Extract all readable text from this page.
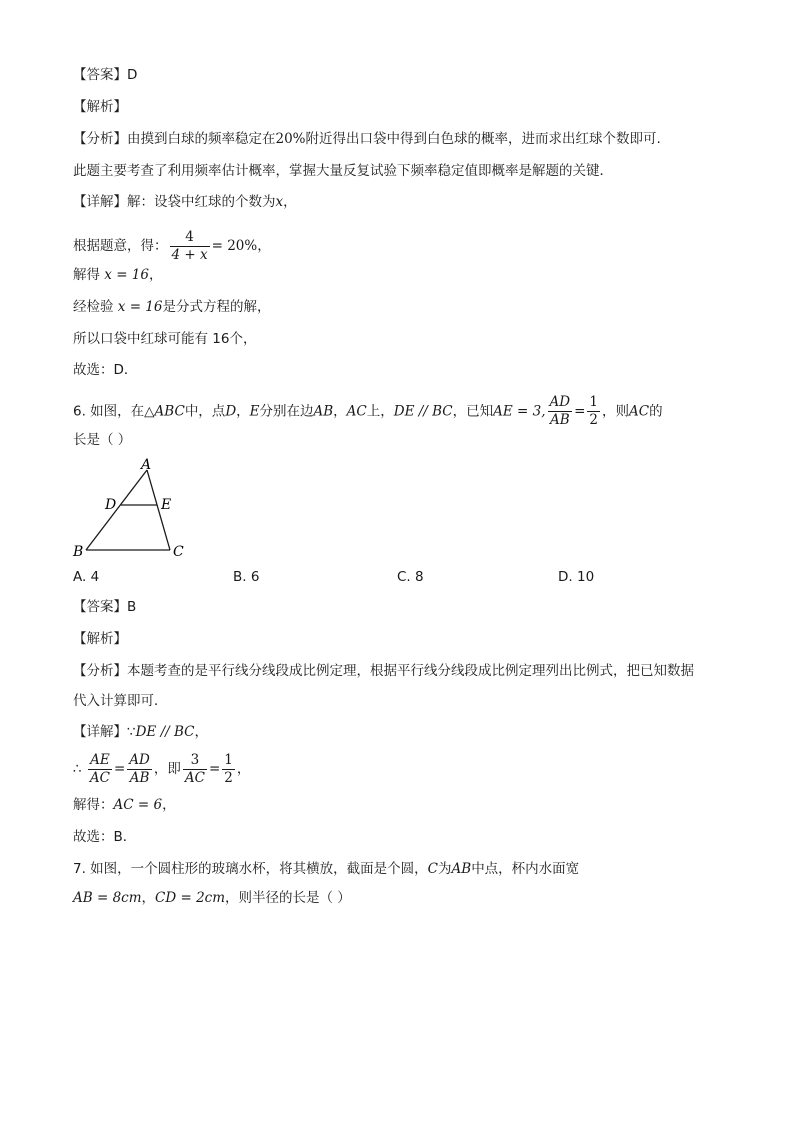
【答案】D
【解析】
【分析】由摸到白球的频率稳定在20%附近得出口袋中得到白色球的概率，进而求出红球个数即可.
此题主要考查了利用频率估计概率，掌握大量反复试验下频率稳定值即概率是解题的关键．
【详解】解：设袋中红球的个数为x，
根据题意，得： $\frac{4}{4 + x} = 20\%$，
解得 x = 16，
经检验 x = 16是分式方程的解，
所以口袋中红球可能有 16个，
故选：D．
6. 如图，在△ABC中，点D，E分别在边AB，AC上，DE // BC，已知AE = 3, $\frac{AD}{AB} = \frac{1}{2}$ ，则AC的
长是（ ）
A
B	C
D	E
A. 4	B. 6	C. 8	D. 10
【答案】B
【解析】
【分析】本题考查的是平行线分线段成比例定理，根据平行线分线段成比例定理列出比例式，把已知数据
代入计算即可．
【详解】∵DE // BC，
∴ $\frac{AE}{AC} = \frac{AD}{AB}$ ，即 $\frac{3}{AC} = \frac{1}{2}$ ，
解得：AC = 6，
故选：B．
7. 如图，一个圆柱形的玻璃水杯，将其横放，截面是个圆，C为AB中点，杯内水面宽
AB = 8cm，CD = 2cm，则半径的长是（ ）
